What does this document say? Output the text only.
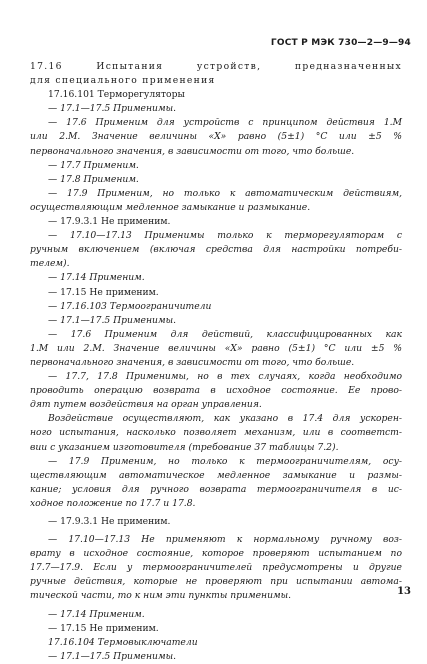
ГОСТ Р МЭК 730—2—9—94

17.16 Испытания устройств, предназначенных

для специального применения

17.16.101 Терморегуляторы

— 17.1—17.5 Применимы.

— 17.6 Применим для устройств с принципом действия 1.М

или 2.М. Значение величины «X» равно (5±1) °С или ±5 %

первоначального значения, в зависимости от того, что больше.

— 17.7 Применим.

— 17.8 Применим.

— 17.9 Применим, но только к автоматическим действиям,

осуществляющим медленное замыкание и размыкание.

— 17.9.3.1 Не применим.

— 17.10—17.13 Применимы только к терморегуляторам с

ручным включением (включая средства для настройки потреби-

телем).

— 17.14 Применим.

— 17.15 Не применим.

— 17.16.103 Термоограничители

— 17.1—17.5 Применимы.

— 17.6 Применим для действий, классифицированных как

1.М или 2.М. Значение величины «X» равно (5±1) °С или ±5 %

первоначального значения, в зависимости от того, что больше.

— 17.7, 17.8 Применимы, но в тех случаях, когда необходимо

проводить операцию возврата в исходное состояние. Ее прово-

дят путем воздействия на орган управления.

Воздействие осуществляют, как указано в 17.4 для ускорен-

ного испытания, насколько позволяет механизм, или в соответст-

вии с указанием изготовителя (требование 37 таблицы 7.2).

— 17.9 Применим, но только к термоограничителям, осу-

ществляющим автоматическое медленное замыкание и размы-

кание; условия для ручного возврата термоограничителя в ис-

ходное положение по 17.7 и 17.8.

— 17.9.3.1 Не применим.

— 17.10—17.13 Не применяют к нормальному ручному воз-

врату в исходное состояние, которое проверяют испытанием по

17.7—17.9. Если у термоограничителей предусмотрены и другие

ручные действия, которые не проверяют при испытании автома-

тической части, то к ним эти пункты применимы.

— 17.14 Применим.

— 17.15 Не применим.

17.16.104 Термовыключатели

— 17.1—17.5 Применимы.

13
